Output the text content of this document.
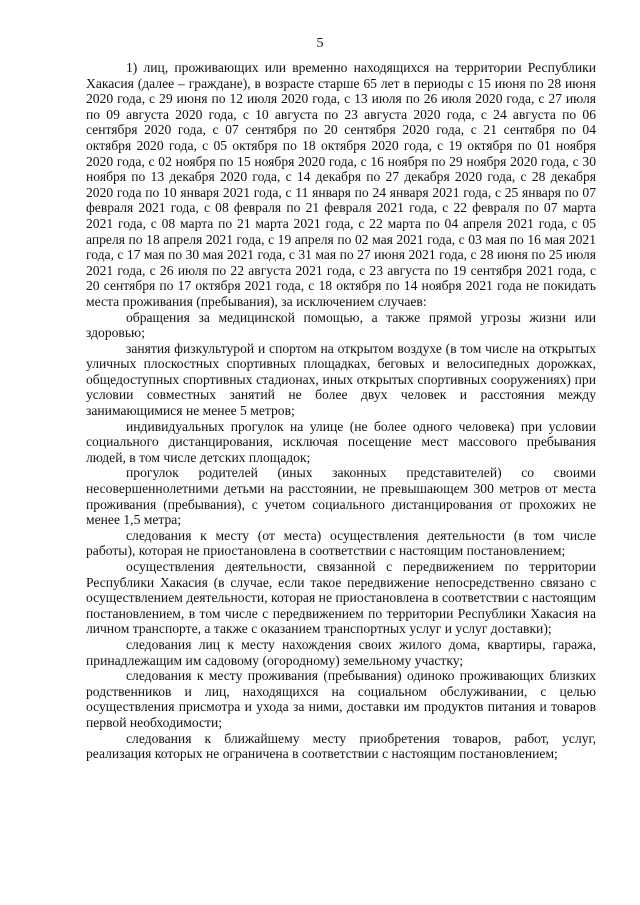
5

1) лиц, проживающих или временно находящихся на территории Республики Хакасия (далее – граждане), в возрасте старше 65 лет в периоды с 15 июня по 28 июня 2020 года, с 29 июня по 12 июля 2020 года, с 13 июля по 26 июля 2020 года, с 27 июля по 09 августа 2020 года, с 10 августа по 23 августа 2020 года, с 24 августа по 06 сентября 2020 года, с 07 сентября по 20 сентября 2020 года, с 21 сентября по 04 октября 2020 года, с 05 октября по 18 октября 2020 года, с 19 октября по 01 ноября 2020 года, с 02 ноября по 15 ноября 2020 года, с 16 ноября по 29 ноября 2020 года, с 30 ноября по 13 декабря 2020 года, с 14 декабря по 27 декабря 2020 года, с 28 декабря 2020 года по 10 января 2021 года, с 11 января по 24 января 2021 года, с 25 января по 07 февраля 2021 года, с 08 февраля по 21 февраля 2021 года, с 22 февраля по 07 марта 2021 года, с 08 марта по 21 марта 2021 года, с 22 марта по 04 апреля 2021 года, с 05 апреля по 18 апреля 2021 года, с 19 апреля по 02 мая 2021 года, с 03 мая по 16 мая 2021 года, с 17 мая по 30 мая 2021 года, с 31 мая по 27 июня 2021 года, с 28 июня по 25 июля 2021 года, с 26 июля по 22 августа 2021 года, с 23 августа по 19 сентября 2021 года, с 20 сентября по 17 октября 2021 года, с 18 октября по 14 ноября 2021 года не покидать места проживания (пребывания), за исключением случаев:

обращения за медицинской помощью, а также прямой угрозы жизни или здоровью;

занятия физкультурой и спортом на открытом воздухе (в том числе на открытых уличных плоскостных спортивных площадках, беговых и велосипедных дорожках, общедоступных спортивных стадионах, иных открытых спортивных сооружениях) при условии совместных занятий не более двух человек и расстояния между занимающимися не менее 5 метров;

индивидуальных прогулок на улице (не более одного человека) при условии социального дистанцирования, исключая посещение мест массового пребывания людей, в том числе детских площадок;

прогулок родителей (иных законных представителей) со своими несовершеннолетними детьми на расстоянии, не превышающем 300 метров от места проживания (пребывания), с учетом социального дистанцирования от прохожих не менее 1,5 метра;

следования к месту (от места) осуществления деятельности (в том числе работы), которая не приостановлена в соответствии с настоящим постановлением;

осуществления деятельности, связанной с передвижением по территории Республики Хакасия (в случае, если такое передвижение непосредственно связано с осуществлением деятельности, которая не приостановлена в соответствии с настоящим постановлением, в том числе с передвижением по территории Республики Хакасия на личном транспорте, а также с оказанием транспортных услуг и услуг доставки);

следования лиц к месту нахождения своих жилого дома, квартиры, гаража, принадлежащим им садовому (огородному) земельному участку;

следования к месту проживания (пребывания) одиноко проживающих близких родственников и лиц, находящихся на социальном обслуживании, с целью осуществления присмотра и ухода за ними, доставки им продуктов питания и товаров первой необходимости;

следования к ближайшему месту приобретения товаров, работ, услуг, реализация которых не ограничена в соответствии с настоящим постановлением;
